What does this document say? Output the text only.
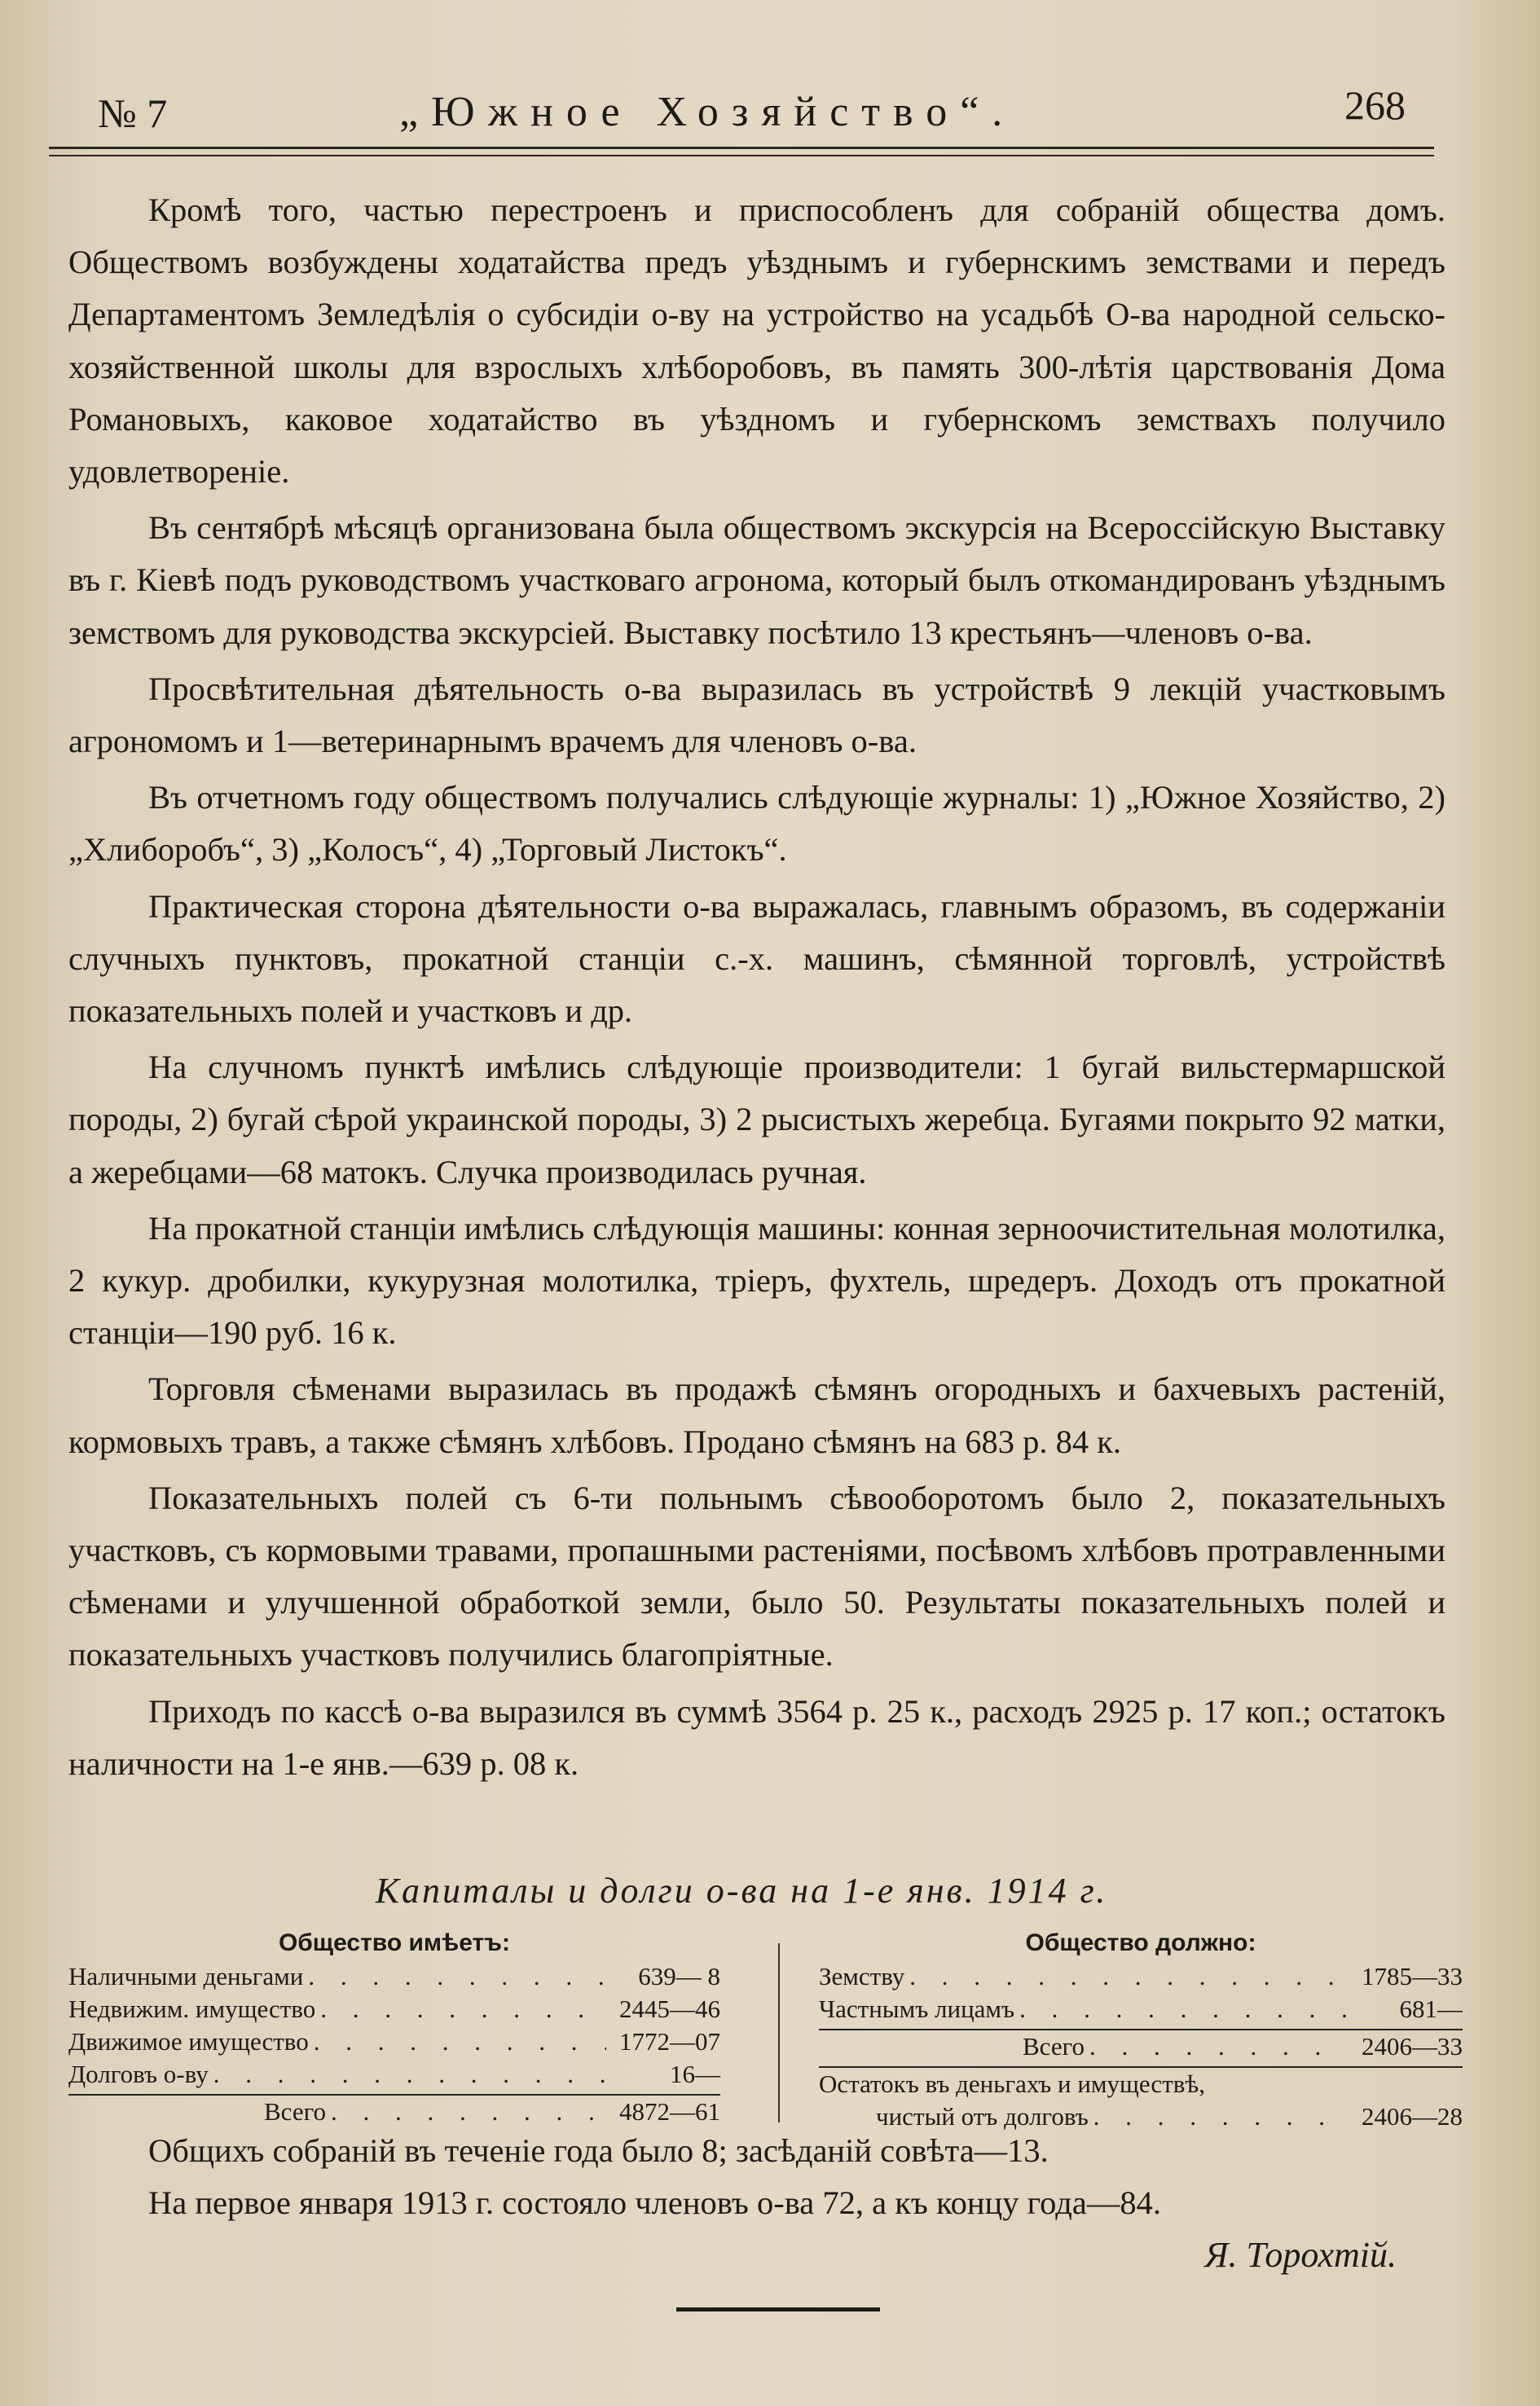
№ 7	„Южное Хозяйство“.	268

Кромѣ того, частью перестроенъ и приспособленъ для собраній общества домъ. Обществомъ возбуждены ходатайства предъ уѣзднымъ и губернскимъ земствами и передъ Департаментомъ Земледѣлія о субсидіи о-ву на устройство на усадьбѣ О-ва народной сельско-хозяйственной школы для взрослыхъ хлѣборобовъ, въ память 300-лѣтія царствованія Дома Романовыхъ, каковое ходатайство въ уѣздномъ и губернскомъ земствахъ получило удовлетвореніе.

Въ сентябрѣ мѣсяцѣ организована была обществомъ экскурсія на Всероссійскую Выставку въ г. Кіевѣ подъ руководствомъ участковаго агронома, который былъ откомандированъ уѣзднымъ земствомъ для руководства экскурсіей. Выставку посѣтило 13 крестьянъ—членовъ о-ва.

Просвѣтительная дѣятельность о-ва выразилась въ устройствѣ 9 лекцій участковымъ агрономомъ и 1—ветеринарнымъ врачемъ для членовъ о-ва.

Въ отчетномъ году обществомъ получались слѣдующіе журналы: 1) „Южное Хозяйство, 2) „Хлиборобъ“, 3) „Колосъ“, 4) „Торговый Листокъ“.

Практическая сторона дѣятельности о-ва выражалась, главнымъ образомъ, въ содержаніи случныхъ пунктовъ, прокатной станціи с.-х. машинъ, сѣмянной торговлѣ, устройствѣ показательныхъ полей и участковъ и др.

На случномъ пунктѣ имѣлись слѣдующіе производители: 1 бугай вильстермаршской породы, 2) бугай сѣрой украинской породы, 3) 2 рысистыхъ жеребца. Бугаями покрыто 92 матки, а жеребцами—68 матокъ. Случка производилась ручная.

На прокатной станціи имѣлись слѣдующія машины: конная зерноочистительная молотилка, 2 кукур. дробилки, кукурузная молотилка, тріеръ, фухтель, шредеръ. Доходъ отъ прокатной станціи—190 руб. 16 к.

Торговля сѣменами выразилась въ продажѣ сѣмянъ огородныхъ и бахчевыхъ растеній, кормовыхъ травъ, а также сѣмянъ хлѣбовъ. Продано сѣмянъ на 683 р. 84 к.

Показательныхъ полей съ 6-ти польнымъ сѣвооборотомъ было 2, показательныхъ участковъ, съ кормовыми травами, пропашными растеніями, посѣвомъ хлѣбовъ протравленными сѣменами и улучшенной обработкой земли, было 50. Результаты показательныхъ полей и показательныхъ участковъ получились благопріятные.

Приходъ по кассѣ о-ва выразился въ суммѣ 3564 р. 25 к., расходъ 2925 р. 17 коп.; остатокъ наличности на 1-е янв.—639 р. 08 к.

Капиталы и долги о-ва на 1-е янв. 1914 г.
Общество имѣетъ:
Наличными деньгами . . .	639— 8
Недвижим. имущество . . .	2445—46
Движимое имущество . . .	1772—07
Долговъ о-ву . . .	16—
Всего . . .	4872—61
Общество должно:
Земству . . .	1785—33
Частнымъ лицамъ . . .	681—
Всего . . .	2406—33
Остатокъ въ деньгахъ и имуществѣ,
чистый отъ долговъ . . .	2406—28

Общихъ собраній въ теченіе года было 8; засѣданій совѣта—13.

На первое января 1913 г. состояло членовъ о-ва 72, а къ концу года—84.
Я. Торохтій.
